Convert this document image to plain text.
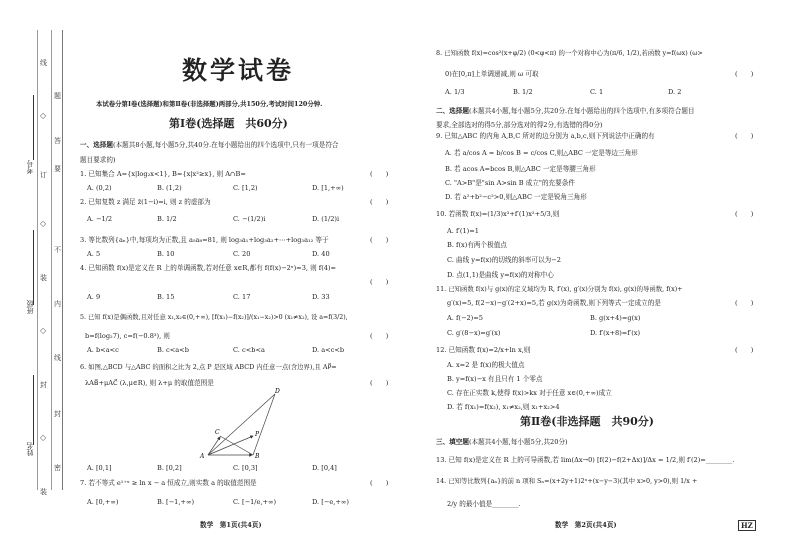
考号
班级
姓名
线
◇
订
◇
装
◇
封
◇
装
题
答
要
不
内
线
封
密
数学试卷
本试卷分第Ⅰ卷(选择题)和第Ⅱ卷(非选择题)两部分,共150分,考试时间120分钟.
第Ⅰ卷(选择题　共60分)
一、选择题(本题共8小题,每小题5分,共40分.在每小题给出的四个选项中,只有一项是符合
题目要求的)
1. 已知集合 A={x|log₂x<1}, B={x|x²≥x}, 则 A∩B=	(　　)
A. (0,2)	B. (1,2)	C. [1,2)	D. [1,+∞)
2. 已知复数 z 满足 z̄(1−i)=i, 则 z 的虚部为	(　　)
A. −1/2	B. 1/2	C. −(1/2)i	D. (1/2)i
3. 等比数列{aₙ}中,每项均为正数,且 a₅a₈=81, 则 log₃a₁+log₃a₂+⋯+log₃a₁₂ 等于	(　　)
A. 5	B. 10	C. 20	D. 40
4. 已知函数 f(x)是定义在 R 上的单调函数,若对任意 x∈R,都有 f(f(x)−2ˣ)=3, 则 f(4)=
(　　)
A. 9	B. 15	C. 17	D. 33
5. 已知 f(x)是偶函数,且对任意 x₁,x₂∈(0,+∞), [f(x₁)−f(x₂)]/(x₁−x₂)>0 (x₁≠x₂), 设 a=f(3/2),
b=f(log₂7), c=f(−0.8³), 则	(　　)
A. b<a<c	B. c<a<b	C. c<b<a	D. a<c<b
6. 如图,△BCD 与△ABC 的面积之比为 2,点 P 是区域 ABCD 内任意一点(含边界),且 AP⃗=
λAB⃗+μAC⃗ (λ,μ∈R), 则 λ+μ 的取值范围是	(　　)
A	B
C
D
P
A. [0,1]	B. [0,2]	C. [0,3]	D. [0,4]
7. 若不等式 e¹⁺ˣ ≥ ln x − a 恒成立,则实数 a 的取值范围是	(　　)
A. [0,+∞)	B. [−1,+∞)	C. [−1/e,+∞)	D. [−e,+∞)
数学　第1页(共4页)
8. 已知函数 f(x)=cos²(x+φ/2) (0<φ<π) 的一个对称中心为(π/6, 1/2),若函数 y=f(ωx) (ω>
0)在[0,π]上单调递减,则 ω 可取	(　　)
A. 1/3	B. 1/2	C. 1	D. 2
二、选择题(本题共4小题,每小题5分,共20分.在每小题给出的四个选项中,有多项符合题目
要求,全部选对的得5分,部分选对的得2分,有选错的得0分)
9. 已知△ABC 的内角 A,B,C 所对的边分别为 a,b,c,则下列说法中正确的有	(　　)
A. 若 a/cos A = b/cos B = c/cos C,则△ABC 一定是等边三角形
B. 若 acos A=bcos B,则△ABC 一定是等腰三角形
C. "A>B"是"sin A>sin B 成立"的充要条件
D. 若 a²+b²−c²>0,则△ABC 一定是锐角三角形
10. 若函数 f(x)=(1/3)x³+f′(1)x²+5/3,则	(　　)
A. f′(1)=1
B. f(x)有两个极值点
C. 曲线 y=f(x)的切线的斜率可以为−2
D. 点(1,1)是曲线 y=f(x)的对称中心
11. 已知函数 f(x)与 g(x)的定义域均为 R, f′(x), g′(x)分别为 f(x), g(x)的导函数, f(x)+
g′(x)=5, f(2−x)−g′(2+x)=5,若 g(x)为奇函数,则下列等式一定成立的是	(　　)
A. f(−2)=5	B. g(x+4)=g(x)
C. g′(8−x)=g′(x)	D. f′(x+8)=f′(x)
12. 已知函数 f(x)=2/x+ln x,则	(　　)
A. x=2 是 f(x)的极大值点
B. y=f(x)−x 有且只有 1 个零点
C. 存在正实数 k,使得 f(x)>kx 对于任意 x∈(0,+∞)成立
D. 若 f(x₁)=f(x₂), x₁≠x₂,则 x₁+x₂>4
第Ⅱ卷(非选择题　共90分)
三、填空题(本题共4小题,每小题5分,共20分)
13. 已知 f(x)是定义在 R 上的可导函数,若 lim(Δx→0) [f(2)−f(2+Δx)]/Δx = 1/2,则 f′(2)=________.
14. 已知等比数列{aₙ}的前 n 项和 Sₙ=(x+2y+1)2ⁿ+(x−y−3)(其中 x>0, y>0),则 1/x +
2/y 的最小值是________.
数学　第2页(共4页)	HZ
